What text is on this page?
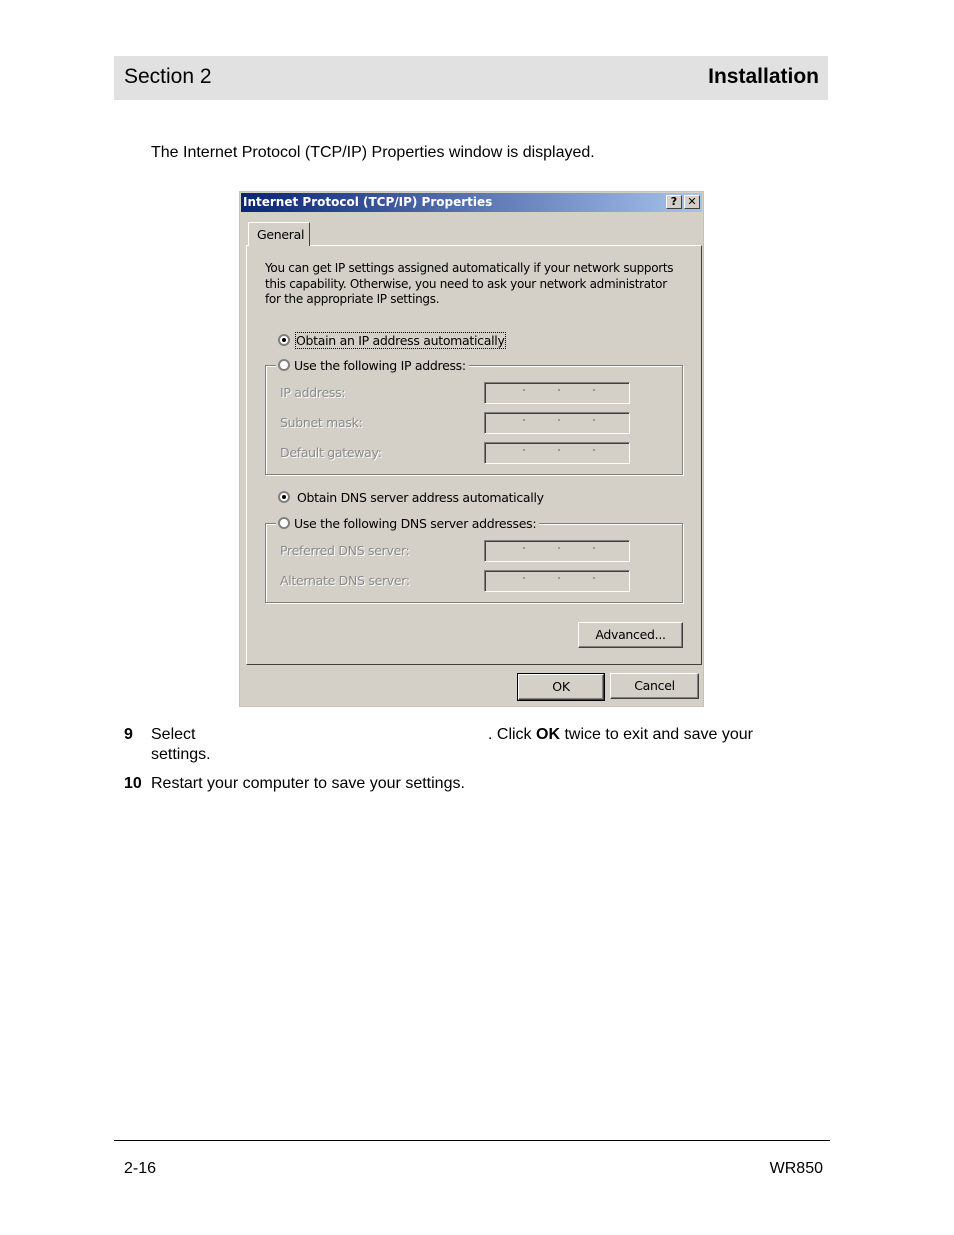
Section 2	Installation
The Internet Protocol (TCP/IP) Properties window is displayed.
Internet Protocol (TCP/IP) Properties	? ✕
General
You can get IP settings assigned automatically if your network supports this capability. Otherwise, you need to ask your network administrator for the appropriate IP settings.
Obtain an IP address automatically
Use the following IP address:
IP address:
Subnet mask:
Default gateway:
Obtain DNS server address automatically
Use the following DNS server addresses:
Preferred DNS server:
Alternate DNS server:
Advanced...
OK	Cancel
9 Select	. Click OK twice to exit and save your
settings.
10 Restart your computer to save your settings.
2-16	WR850
